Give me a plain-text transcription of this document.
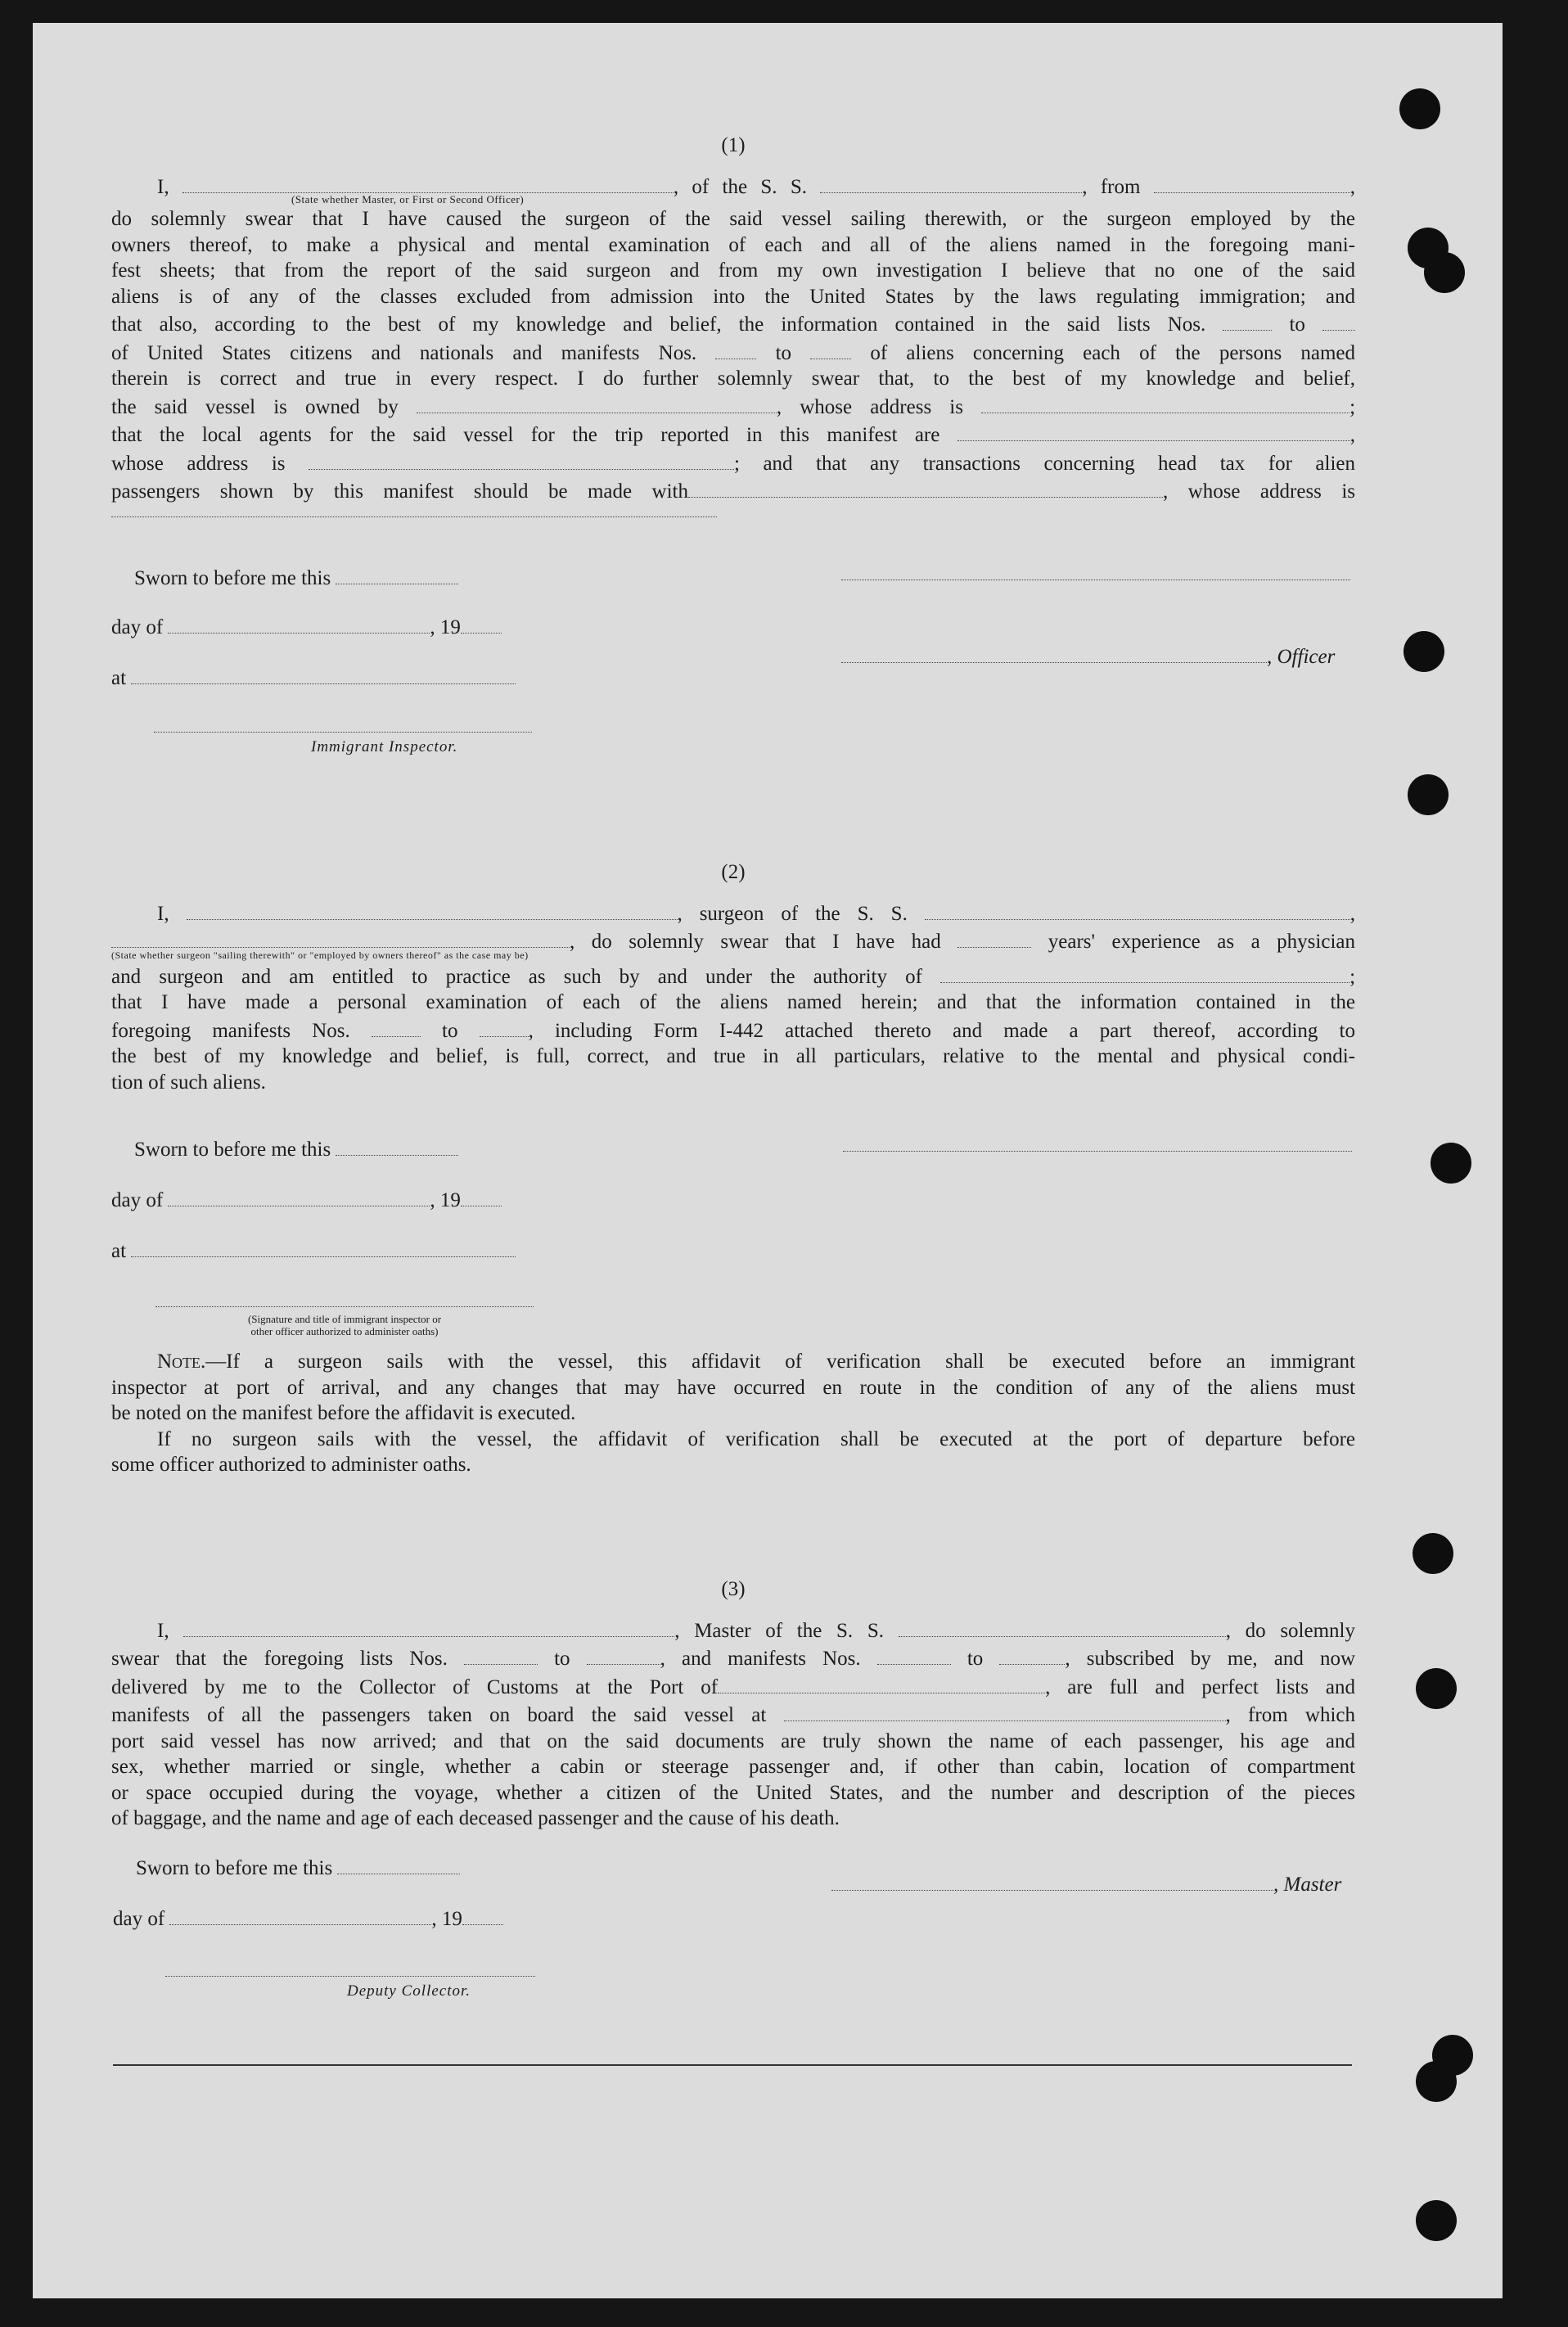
(1)
I,	, of the S. S.	, from	,
(State whether Master, or First or Second Officer)
do solemnly swear that I have caused the surgeon of the said vessel sailing therewith, or the surgeon employed by the
owners thereof, to make a physical and mental examination of each and all of the aliens named in the foregoing mani-
fest sheets; that from the report of the said surgeon and from my own investigation I believe that no one of the said
aliens is of any of the classes excluded from admission into the United States by the laws regulating immigration; and
that also, according to the best of my knowledge and belief, the information contained in the said lists Nos.	to
of United States citizens and nationals and manifests Nos.	to	of aliens concerning each of the persons named
therein is correct and true in every respect. I do further solemnly swear that, to the best of my knowledge and belief,
the said vessel is owned by	, whose address is	;
that the local agents for the said vessel for the trip reported in this manifest are	,
whose address is	; and that any transactions concerning head tax for alien
passengers shown by this manifest should be made with	, whose address is
Sworn to before me this
day of	, 19
at
Immigrant Inspector.
, Officer
(2)
I,	, surgeon of the S. S.	,
, do solemnly swear that I have had	years' experience as a physician
(State whether surgeon "sailing therewith" or "employed by owners thereof" as the case may be)
and surgeon and am entitled to practice as such by and under the authority of	;
that I have made a personal examination of each of the aliens named herein; and that the information contained in the
foregoing manifests Nos.	to	, including Form I-442 attached thereto and made a part thereof, according to
the best of my knowledge and belief, is full, correct, and true in all particulars, relative to the mental and physical condi-
tion of such aliens.
Sworn to before me this
day of	, 19
at
(Signature and title of immigrant inspector or
other officer authorized to administer oaths)
Note.—If a surgeon sails with the vessel, this affidavit of verification shall be executed before an immigrant
inspector at port of arrival, and any changes that may have occurred en route in the condition of any of the aliens must
be noted on the manifest before the affidavit is executed.
If no surgeon sails with the vessel, the affidavit of verification shall be executed at the port of departure before
some officer authorized to administer oaths.
(3)
I,	, Master of the S. S.	, do solemnly
swear that the foregoing lists Nos.	to	, and manifests Nos.	to	, subscribed by me, and now
delivered by me to the Collector of Customs at the Port of	, are full and perfect lists and
manifests of all the passengers taken on board the said vessel at	, from which
port said vessel has now arrived; and that on the said documents are truly shown the name of each passenger, his age and
sex, whether married or single, whether a cabin or steerage passenger and, if other than cabin, location of compartment
or space occupied during the voyage, whether a citizen of the United States, and the number and description of the pieces
of baggage, and the name and age of each deceased passenger and the cause of his death.
Sworn to before me this
day of	, 19
Deputy Collector.
, Master
